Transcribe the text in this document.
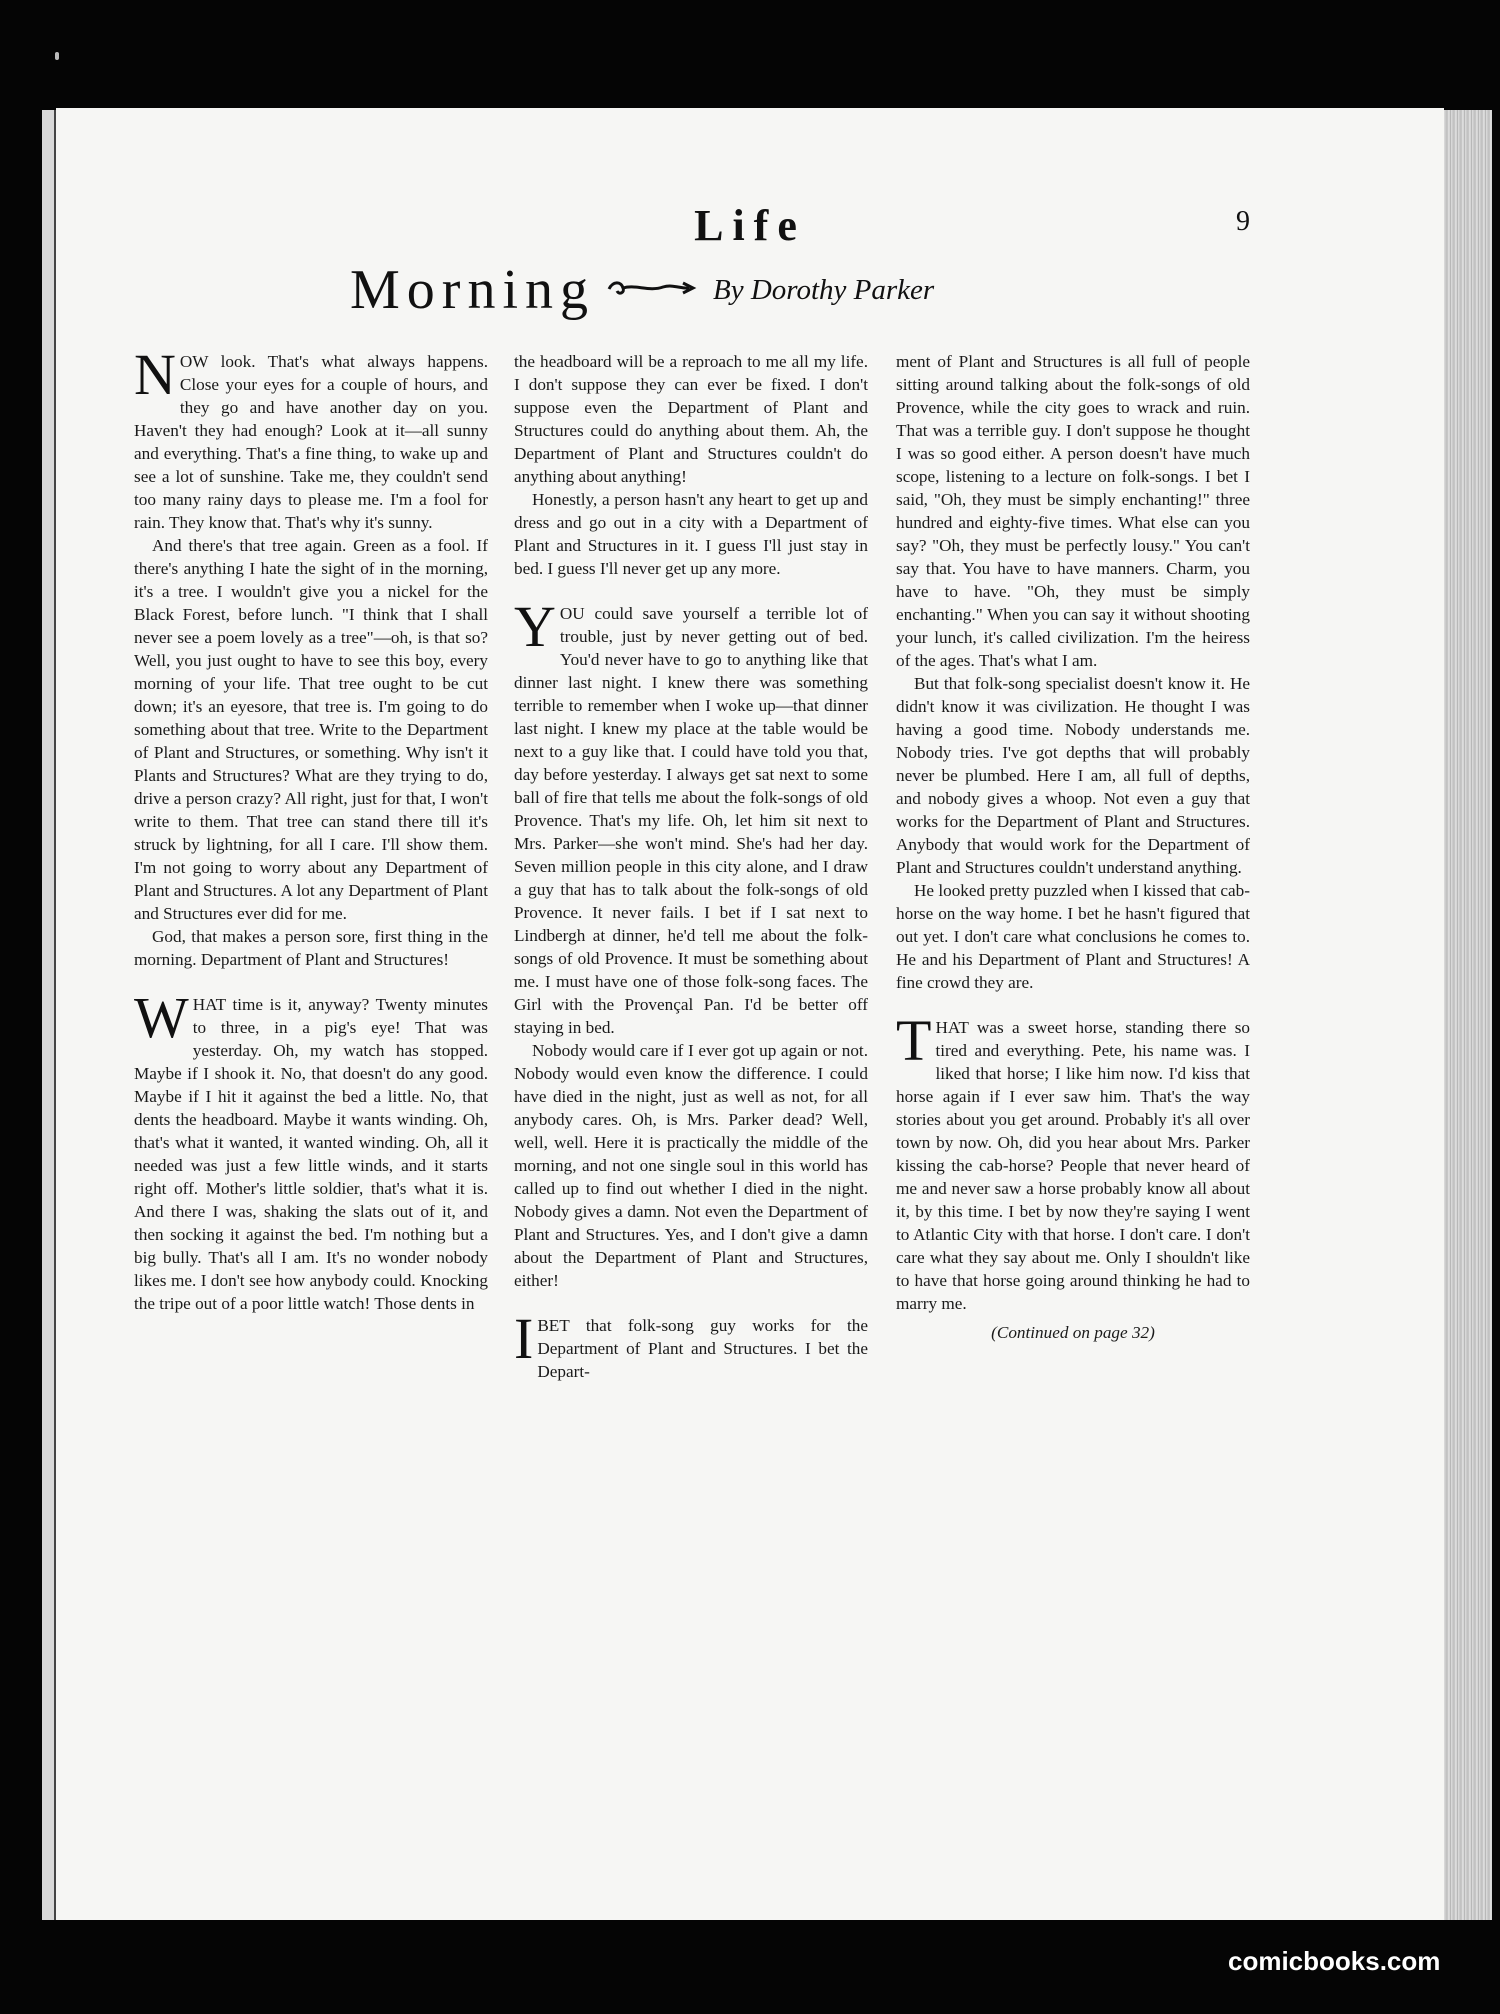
Life	9
Morning	By Dorothy Parker

NOW look. That's what always happens. Close your eyes for a couple of hours, and they go and have another day on you. Haven't they had enough? Look at it—all sunny and everything. That's a fine thing, to wake up and see a lot of sunshine. Take me, they couldn't send too many rainy days to please me. I'm a fool for rain. They know that. That's why it's sunny.

And there's that tree again. Green as a fool. If there's anything I hate the sight of in the morning, it's a tree. I wouldn't give you a nickel for the Black Forest, before lunch. "I think that I shall never see a poem lovely as a tree"—oh, is that so? Well, you just ought to have to see this boy, every morning of your life. That tree ought to be cut down; it's an eyesore, that tree is. I'm going to do something about that tree. Write to the Department of Plant and Structures, or something. Why isn't it Plants and Structures? What are they trying to do, drive a person crazy? All right, just for that, I won't write to them. That tree can stand there till it's struck by lightning, for all I care. I'll show them. I'm not going to worry about any Department of Plant and Structures. A lot any Department of Plant and Structures ever did for me.

God, that makes a person sore, first thing in the morning. Department of Plant and Structures!

WHAT time is it, anyway? Twenty minutes to three, in a pig's eye! That was yesterday. Oh, my watch has stopped. Maybe if I shook it. No, that doesn't do any good. Maybe if I hit it against the bed a little. No, that dents the headboard. Maybe it wants winding. Oh, that's what it wanted, it wanted winding. Oh, all it needed was just a few little winds, and it starts right off. Mother's little soldier, that's what it is. And there I was, shaking the slats out of it, and then socking it against the bed. I'm nothing but a big bully. That's all I am. It's no wonder nobody likes me. I don't see how anybody could. Knocking the tripe out of a poor little watch! Those dents in

the headboard will be a reproach to me all my life. I don't suppose they can ever be fixed. I don't suppose even the Department of Plant and Structures could do anything about them. Ah, the Department of Plant and Structures couldn't do anything about anything!

Honestly, a person hasn't any heart to get up and dress and go out in a city with a Department of Plant and Structures in it. I guess I'll just stay in bed. I guess I'll never get up any more.

YOU could save yourself a terrible lot of trouble, just by never getting out of bed. You'd never have to go to anything like that dinner last night. I knew there was something terrible to remember when I woke up—that dinner last night. I knew my place at the table would be next to a guy like that. I could have told you that, day before yesterday. I always get sat next to some ball of fire that tells me about the folk-songs of old Provence. That's my life. Oh, let him sit next to Mrs. Parker—she won't mind. She's had her day. Seven million people in this city alone, and I draw a guy that has to talk about the folk-songs of old Provence. It never fails. I bet if I sat next to Lindbergh at dinner, he'd tell me about the folk-songs of old Provence. It must be something about me. I must have one of those folk-song faces. The Girl with the Provençal Pan. I'd be better off staying in bed.

Nobody would care if I ever got up again or not. Nobody would even know the difference. I could have died in the night, just as well as not, for all anybody cares. Oh, is Mrs. Parker dead? Well, well, well. Here it is practically the middle of the morning, and not one single soul in this world has called up to find out whether I died in the night. Nobody gives a damn. Not even the Department of Plant and Structures. Yes, and I don't give a damn about the Department of Plant and Structures, either!

IBET that folk-song guy works for the Department of Plant and Structures. I bet the Depart-

ment of Plant and Structures is all full of people sitting around talking about the folk-songs of old Provence, while the city goes to wrack and ruin. That was a terrible guy. I don't suppose he thought I was so good either. A person doesn't have much scope, listening to a lecture on folk-songs. I bet I said, "Oh, they must be simply enchanting!" three hundred and eighty-five times. What else can you say? "Oh, they must be perfectly lousy." You can't say that. You have to have manners. Charm, you have to have. "Oh, they must be simply enchanting." When you can say it without shooting your lunch, it's called civilization. I'm the heiress of the ages. That's what I am.

But that folk-song specialist doesn't know it. He didn't know it was civilization. He thought I was having a good time. Nobody understands me. Nobody tries. I've got depths that will probably never be plumbed. Here I am, all full of depths, and nobody gives a whoop. Not even a guy that works for the Department of Plant and Structures. Anybody that would work for the Department of Plant and Structures couldn't understand anything.

He looked pretty puzzled when I kissed that cab-horse on the way home. I bet he hasn't figured that out yet. I don't care what conclusions he comes to. He and his Department of Plant and Structures! A fine crowd they are.

THAT was a sweet horse, standing there so tired and everything. Pete, his name was. I liked that horse; I like him now. I'd kiss that horse again if I ever saw him. That's the way stories about you get around. Probably it's all over town by now. Oh, did you hear about Mrs. Parker kissing the cab-horse? People that never heard of me and never saw a horse probably know all about it, by this time. I bet by now they're saying I went to Atlantic City with that horse. I don't care. I don't care what they say about me. Only I shouldn't like to have that horse going around thinking he had to marry me.

(Continued on page 32)

comicbooks.com
